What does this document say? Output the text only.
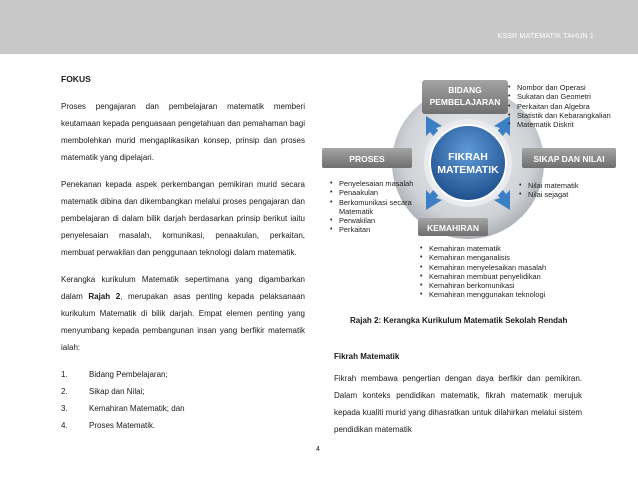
KSSR MATEMATIK TAHUN 1
FOKUS

Proses pengajaran dan pembelajaran matematik memberi keutamaan kepada penguasaan pengetahuan dan pemahaman bagi membolehkan murid mengaplikasikan konsep, prinsip dan proses matematik yang dipelajari.

Penekanan kepada aspek perkembangan pemikiran murid secara matematik dibina dan dikembangkan melalui proses pengajaran dan pembelajaran di dalam bilik darjah berdasarkan prinsip berikut iaitu penyelesaian masalah, komunikasi, penaakulan, perkaitan, membuat perwakilan dan penggunaan teknologi dalam matematik.

Kerangka kurikulum Matematik sepertimana yang digambarkan dalam Rajah 2, merupakan asas penting kepada pelaksanaan kurikulum Matematik di bilik darjah. Empat elemen penting yang menyumbang kepada pembangunan insan yang berfikir matematik ialah:

1.	Bidang Pembelajaran;
2.	Sikap dan Nilai;
3.	Kemahiran Matematik; dan
4.	Proses Matematik.
FIKRAH
MATEMATIK
BIDANG
PEMBELAJARAN
PROSES	SIKAP DAN NILAI
KEMAHIRAN
• Nombor dan Operasi
• Sukatan dan Geometri
• Perkaitan dan Algebra
• Statistik dan Kebarangkalian
• Matematik Diskrit
• Penyelesaian masalah
• Penaakulan
• Berkomunikasi secara Matematik
• Perwakilan
• Perkaitan
• Nilai matematik
• Nilai sejagat
• Kemahiran matematik
• Kemahiran menganalisis
• Kemahiran menyelesaikan masalah
• Kemahiran membuat penyelidikan
• Kemahiran berkomunikasi
• Kemahiran menggunakan teknologi
Rajah 2: Kerangka Kurikulum Matematik Sekolah Rendah
Fikrah Matematik

Fikrah membawa pengertian dengan daya berfikir dan pemikiran. Dalam konteks pendidikan matematik, fikrah matematik merujuk kepada kualiti murid yang dihasratkan untuk dilahirkan melalui sistem pendidikan matematik

4
